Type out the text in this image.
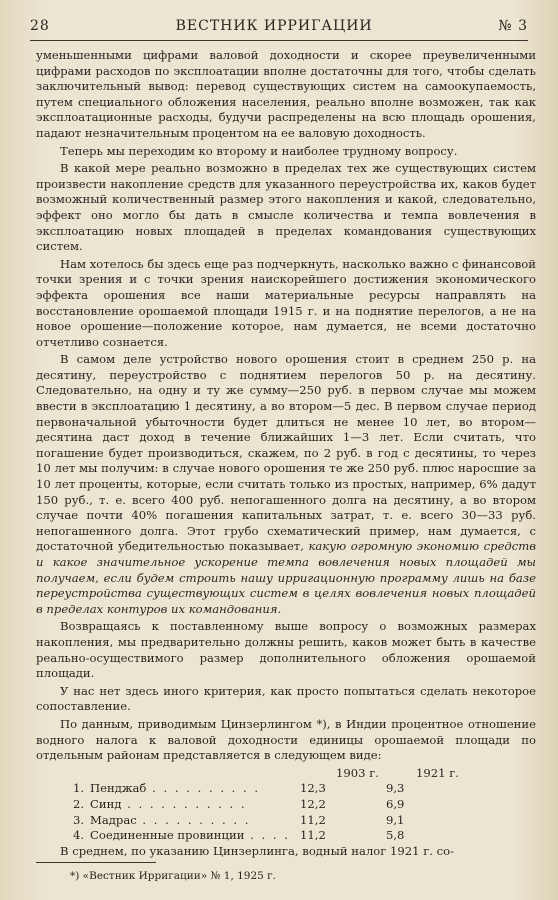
28	ВЕСТНИК ИРРИГАЦИИ	№ 3

уменьшенными цифрами валовой доходности и скорее преувеличенными цифрами расходов по эксплоатации вполне достаточны для того, чтобы сделать заключительный вывод: перевод существующих систем на самоокупаемость, путем специального обложения населения, реально вполне возможен, так как эксплоатационные расходы, будучи распределены на всю площадь орошения, падают незначительным процентом на ее валовую доходность.

Теперь мы переходим ко второму и наиболее трудному вопросу.

В какой мере реально возможно в пределах тех же существующих систем произвести накопление средств для указанного переустройства их, каков будет возможный количественный размер этого накопления и какой, следовательно, эффект оно могло бы дать в смысле количества и темпа вовлечения в эксплоатацию новых площадей в пределах командования существующих систем.

Нам хотелось бы здесь еще раз подчеркнуть, насколько важно с финансовой точки зрения и с точки зрения наискорейшего достижения экономического эффекта орошения все наши материальные ресурсы направлять на восстановление орошаемой площади 1915 г. и на поднятие перелогов, а не на новое орошение—положение которое, нам думается, не всеми достаточно отчетливо сознается.

В самом деле устройство нового орошения стоит в среднем 250 р. на десятину, переустройство с поднятием перелогов 50 р. на десятину. Следовательно, на одну и ту же сумму—250 руб. в первом случае мы можем ввести в эксплоатацию 1 десятину, а во втором—5 дес. В первом случае период первоначальной убыточности будет длиться не менее 10 лет, во втором—десятина даст доход в течение ближайших 1—3 лет. Если считать, что погашение будет производиться, скажем, по 2 руб. в год с десятины, то через 10 лет мы получим: в случае нового орошения те же 250 руб. плюс наросшие за 10 лет проценты, которые, если считать только из простых, например, 6% дадут 150 руб., т. е. всего 400 руб. непогашенного долга на десятину, а во втором случае почти 40% погашения капитальных затрат, т. е. всего 30—33 руб. непогашенного долга. Этот грубо схематический пример, нам думается, с достаточной убедительностью показывает, какую огромную экономию средств и какое значительное ускорение темпа вовлечения новых площадей мы получаем, если будем строить нашу ирригационную программу лишь на базе переустройства существующих систем в целях вовлечения новых площадей в пределах контуров их командования.

Возвращаясь к поставленному выше вопросу о возможных размерах накопления, мы предварительно должны решить, каков может быть в качестве реально-осуществимого размер дополнительного обложения орошаемой площади.

У нас нет здесь иного критерия, как просто попытаться сделать некоторое сопоставление.

По данным, приводимым Цинзерлингом *), в Индии процентное отношение водного налога к валовой доходности единицы орошаемой площади по отдельным районам представляется в следующем виде:

1903 г.	1921 г.
1. Пенджаб . . . . . . . . . .	12,3	9,3
2. Синд . . . . . . . . . . .	12,2	6,9
3. Мадрас . . . . . . . . . .	11,2	9,1
4. Соединенные провинции . . . . 11,2	5,8

В среднем, по указанию Цинзерлинга, водный налог 1921 г. со-

*) «Вестник Ирригации» № 1, 1925 г.
